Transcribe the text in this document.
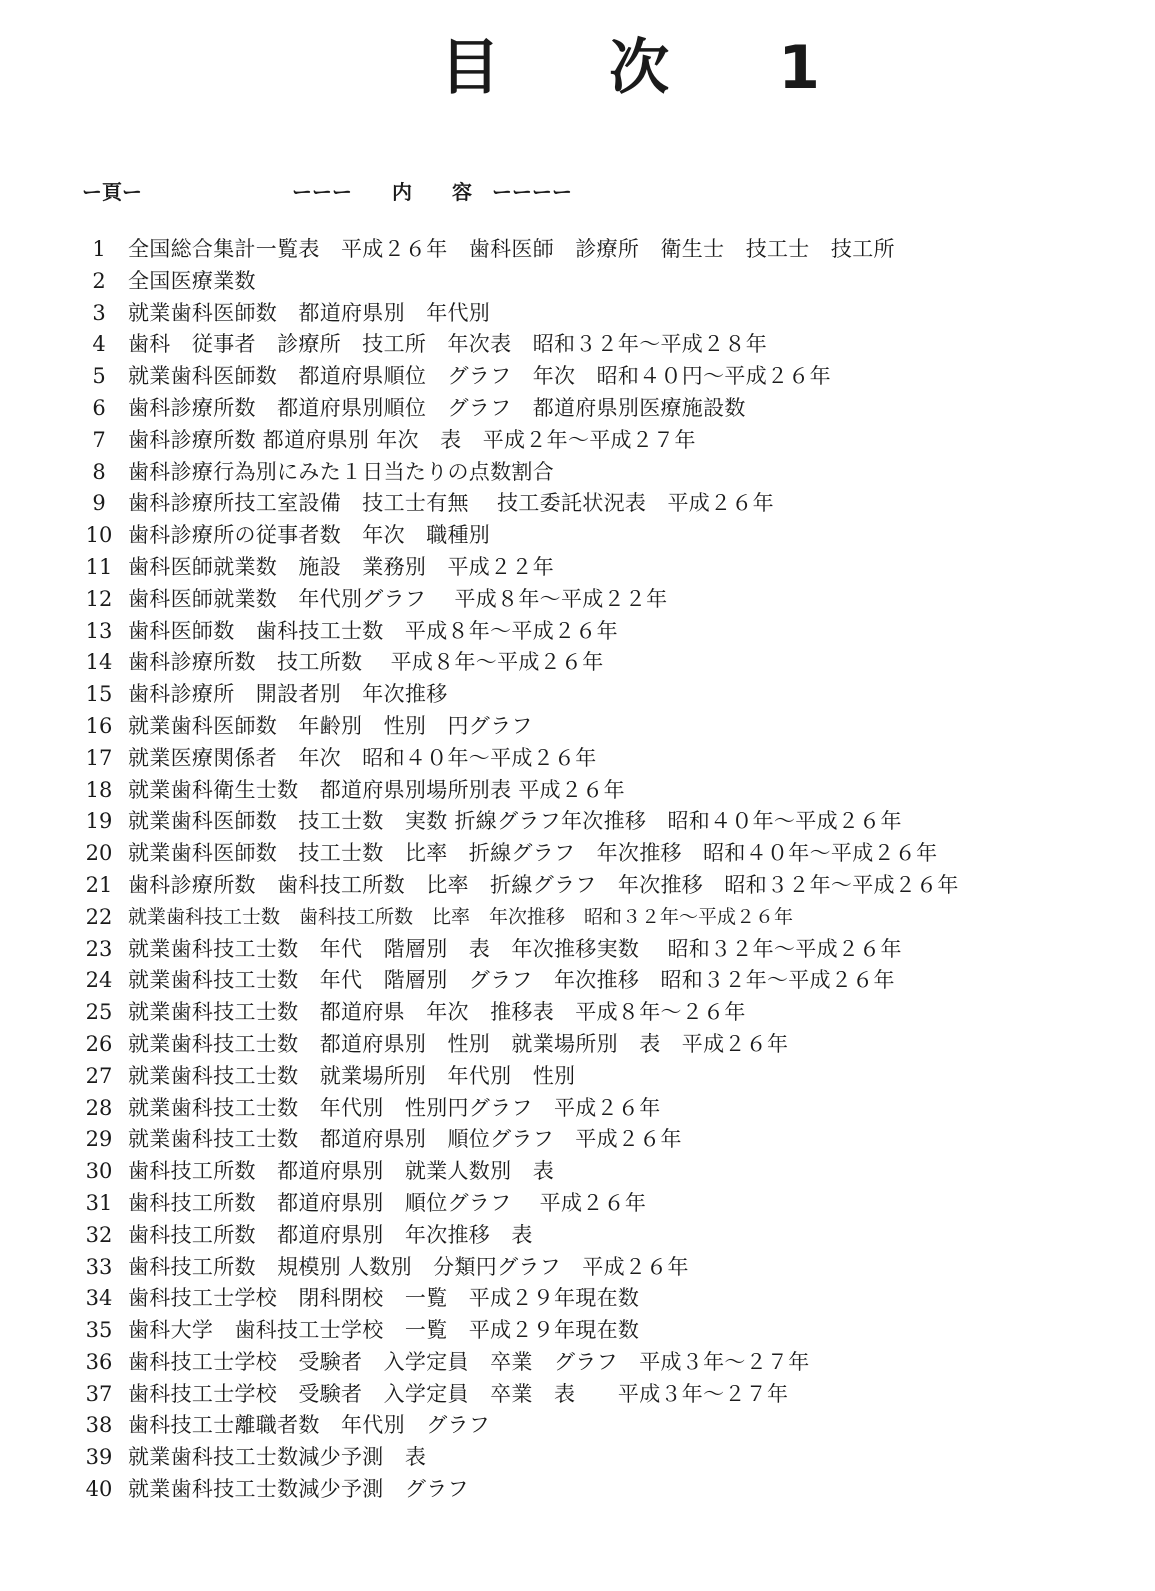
目 次 1

ー頁ー

	ーーー　　内　　容　ーーーー

1	全国総合集計一覧表　平成２６年　歯科医師　診療所　衛生士　技工士　技工所
2	全国医療業数
3	就業歯科医師数　都道府県別　年代別
4	歯科　従事者　診療所　技工所　年次表　昭和３２年～平成２８年
5	就業歯科医師数　都道府県順位　グラフ　年次　昭和４０円～平成２６年
6	歯科診療所数　都道府県別順位　グラフ　都道府県別医療施設数
7	歯科診療所数 都道府県別 年次　表　平成２年～平成２７年
8	歯科診療行為別にみた１日当たりの点数割合
9	歯科診療所技工室設備　技工士有無　 技工委託状況表　平成２６年
10 歯科診療所の従事者数　年次　職種別
11 歯科医師就業数　施設　業務別　平成２２年
12 歯科医師就業数　年代別グラフ　 平成８年～平成２２年
13 歯科医師数　歯科技工士数　平成８年～平成２６年
14 歯科診療所数　技工所数　 平成８年～平成２６年
15 歯科診療所　開設者別　年次推移
16 就業歯科医師数　年齢別　性別　円グラフ
17 就業医療関係者　年次　昭和４０年～平成２６年
18 就業歯科衛生士数　都道府県別場所別表 平成２６年
19 就業歯科医師数　技工士数　実数 折線グラフ年次推移　昭和４０年～平成２６年
20 就業歯科医師数　技工士数　比率　折線グラフ　年次推移　昭和４０年～平成２６年
21 歯科診療所数　歯科技工所数　比率　折線グラフ　年次推移　昭和３２年～平成２６年
22 就業歯科技工士数　歯科技工所数　比率　年次推移　昭和３２年～平成２６年
23 就業歯科技工士数　年代　階層別　表　年次推移実数　 昭和３２年～平成２６年
24 就業歯科技工士数　年代　階層別　グラフ　年次推移　昭和３２年～平成２６年
25 就業歯科技工士数　都道府県　年次　推移表　平成８年～２６年
26 就業歯科技工士数　都道府県別　性別　就業場所別　表　平成２６年
27 就業歯科技工士数　就業場所別　年代別　性別
28 就業歯科技工士数　年代別　性別円グラフ　平成２６年
29 就業歯科技工士数　都道府県別　順位グラフ　平成２６年
30 歯科技工所数　都道府県別　就業人数別　表
31 歯科技工所数　都道府県別　順位グラフ　 平成２６年
32 歯科技工所数　都道府県別　年次推移　表
33 歯科技工所数　規模別 人数別　分類円グラフ　平成２６年
34 歯科技工士学校　閉科閉校　一覧　平成２９年現在数
35 歯科大学　歯科技工士学校　一覧　平成２９年現在数
36 歯科技工士学校　受験者　入学定員　卒業　グラフ　平成３年～２７年
37 歯科技工士学校　受験者　入学定員　卒業　表　　平成３年～２７年
38 歯科技工士離職者数　年代別　グラフ
39 就業歯科技工士数減少予測　表
40 就業歯科技工士数減少予測　グラフ
